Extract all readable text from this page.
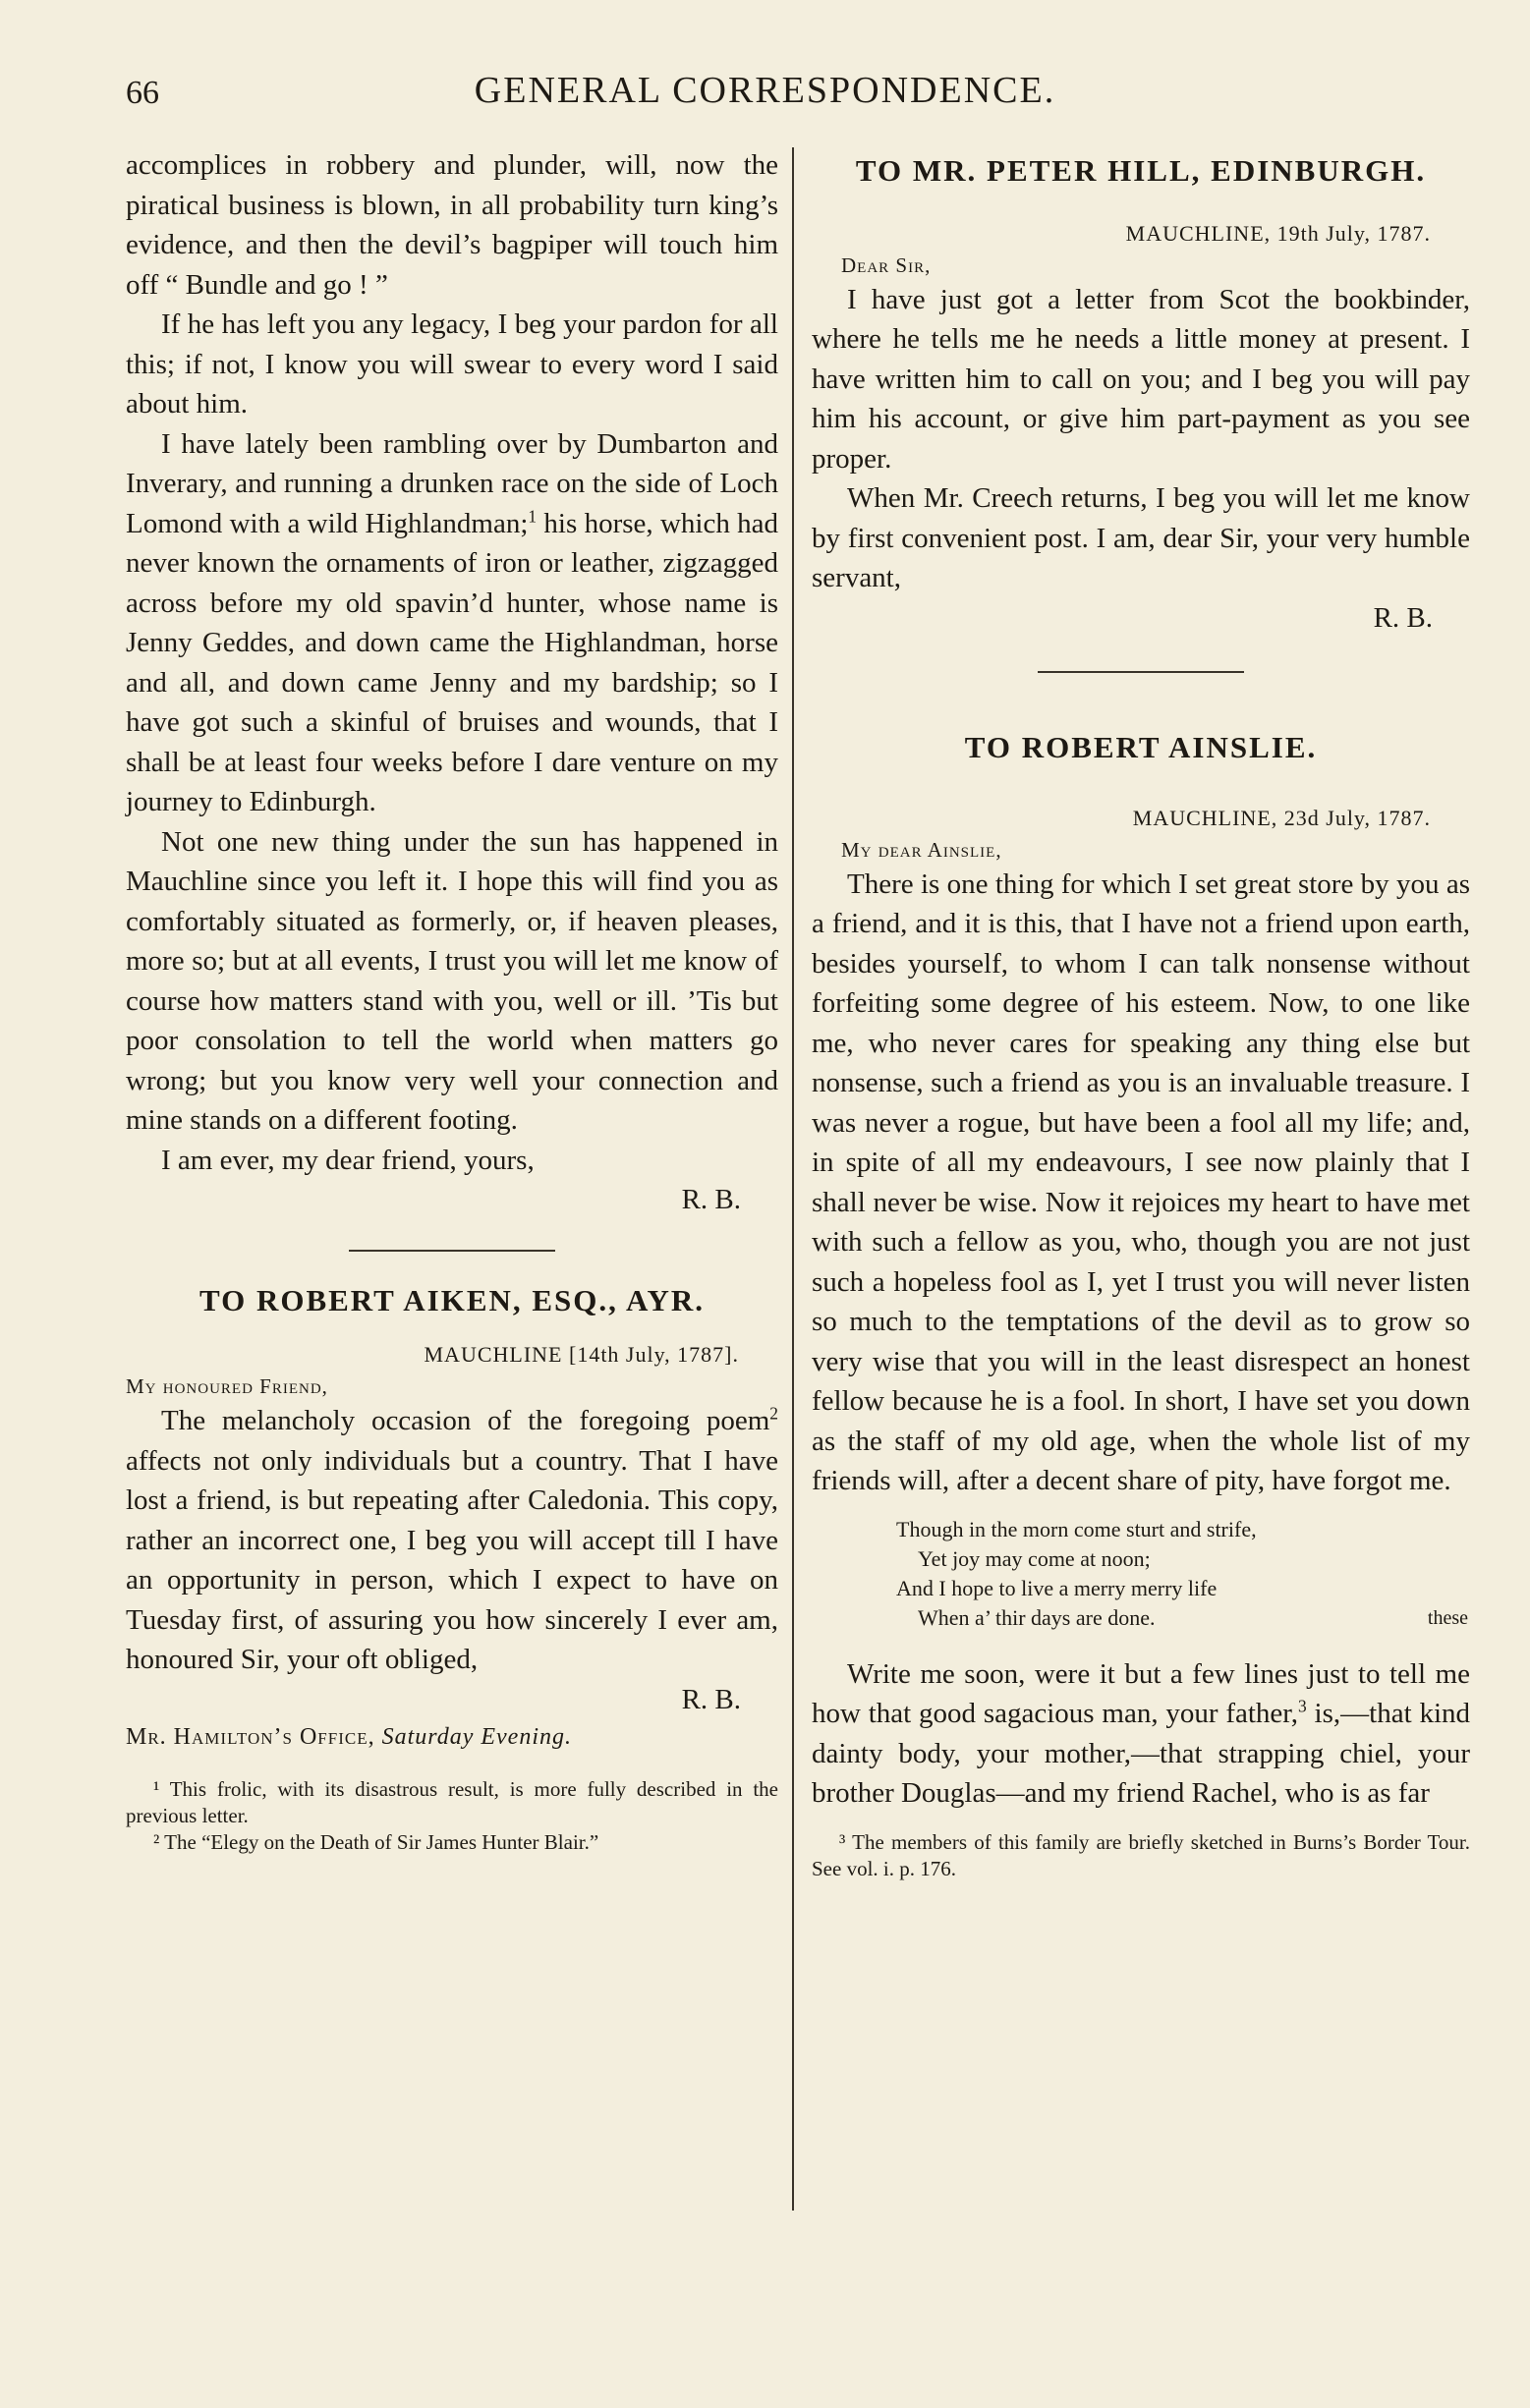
66	GENERAL CORRESPONDENCE.

accomplices in robbery and plunder, will, now the piratical business is blown, in all probability turn king’s evidence, and then the devil’s bagpiper will touch him off “ Bundle and go ! ”

If he has left you any legacy, I beg your pardon for all this; if not, I know you will swear to every word I said about him.

I have lately been rambling over by Dumbarton and Inverary, and running a drunken race on the side of Loch Lomond with a wild Highlandman;$^1$ his horse, which had never known the ornaments of iron or leather, zigzagged across before my old spavin’d hunter, whose name is Jenny Geddes, and down came the Highlandman, horse and all, and down came Jenny and my bardship; so I have got such a skinful of bruises and wounds, that I shall be at least four weeks before I dare venture on my journey to Edinburgh.

Not one new thing under the sun has happened in Mauchline since you left it. I hope this will find you as comfortably situated as formerly, or, if heaven pleases, more so; but at all events, I trust you will let me know of course how matters stand with you, well or ill. ’Tis but poor consolation to tell the world when matters go wrong; but you know very well your connection and mine stands on a different footing.

I am ever, my dear friend, yours,

R. B.

TO ROBERT AIKEN, ESQ., AYR.
MAUCHLINE [14th July, 1787].
My honoured Friend,

The melancholy occasion of the foregoing poem$^2$ affects not only individuals but a country. That I have lost a friend, is but repeating after Caledonia. This copy, rather an incorrect one, I beg you will accept till I have an opportunity in person, which I expect to have on Tuesday first, of assuring you how sincerely I ever am, honoured Sir, your oft obliged,

R. B.

Mr. Hamilton’s Office, Saturday Evening.

¹ This frolic, with its disastrous result, is more fully described in the previous letter.

² The “Elegy on the Death of Sir James Hunter Blair.”

TO MR. PETER HILL, EDINBURGH.
MAUCHLINE, 19th July, 1787.
Dear Sir,

I have just got a letter from Scot the bookbinder, where he tells me he needs a little money at present. I have written him to call on you; and I beg you will pay him his account, or give him part-payment as you see proper.

When Mr. Creech returns, I beg you will let me know by first convenient post. I am, dear Sir, your very humble servant,

R. B.

TO ROBERT AINSLIE.
MAUCHLINE, 23d July, 1787.
My dear Ainslie,

There is one thing for which I set great store by you as a friend, and it is this, that I have not a friend upon earth, besides yourself, to whom I can talk nonsense without forfeiting some degree of his esteem. Now, to one like me, who never cares for speaking any thing else but nonsense, such a friend as you is an invaluable treasure. I was never a rogue, but have been a fool all my life; and, in spite of all my endeavours, I see now plainly that I shall never be wise. Now it rejoices my heart to have met with such a fellow as you, who, though you are not just such a hopeless fool as I, yet I trust you will never listen so much to the temptations of the devil as to grow so very wise that you will in the least disrespect an honest fellow because he is a fool. In short, I have set you down as the staff of my old age, when the whole list of my friends will, after a decent share of pity, have forgot me.

Though in the morn come sturt and strife,
Yet joy may come at noon;
And I hope to live a merry merry life
When a’ thir days are done.	these

Write me soon, were it but a few lines just to tell me how that good sagacious man, your father,$^3$ is,—that kind dainty body, your mother,—that strapping chiel, your brother Douglas—and my friend Rachel, who is as far

³ The members of this family are briefly sketched in Burns’s Border Tour. See vol. i. p. 176.
